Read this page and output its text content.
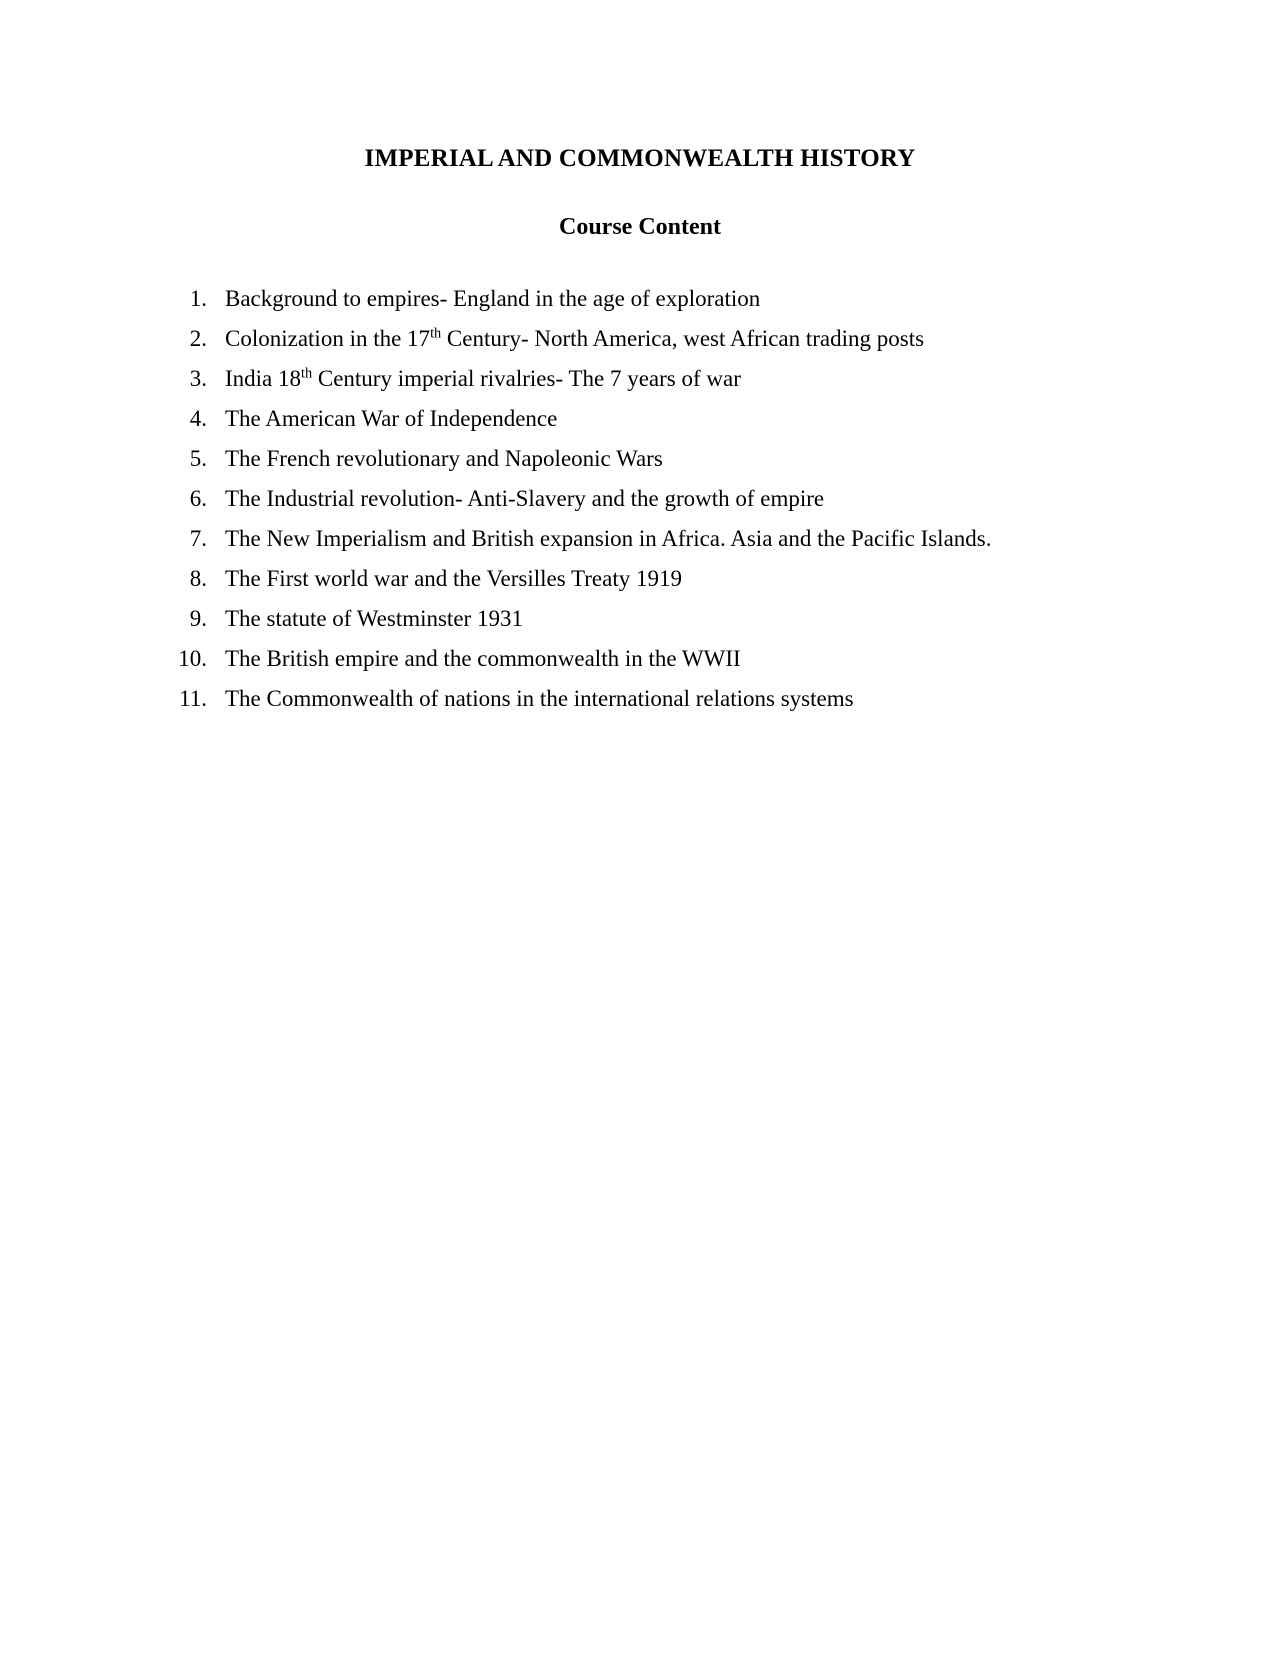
IMPERIAL AND COMMONWEALTH HISTORY
Course Content
1. Background to empires- England in the age of exploration
2. Colonization in the 17th Century- North America, west African trading posts
3. India 18th Century imperial rivalries- The 7 years of war
4. The American War of Independence
5. The French revolutionary and Napoleonic Wars
6. The Industrial revolution- Anti-Slavery and the growth of empire
7. The New Imperialism and British expansion in Africa. Asia and the Pacific Islands.
8. The First world war and the Versilles Treaty 1919
9. The statute of Westminster 1931
10. The British empire and the commonwealth in the WWII
11. The Commonwealth of nations in the international relations systems
